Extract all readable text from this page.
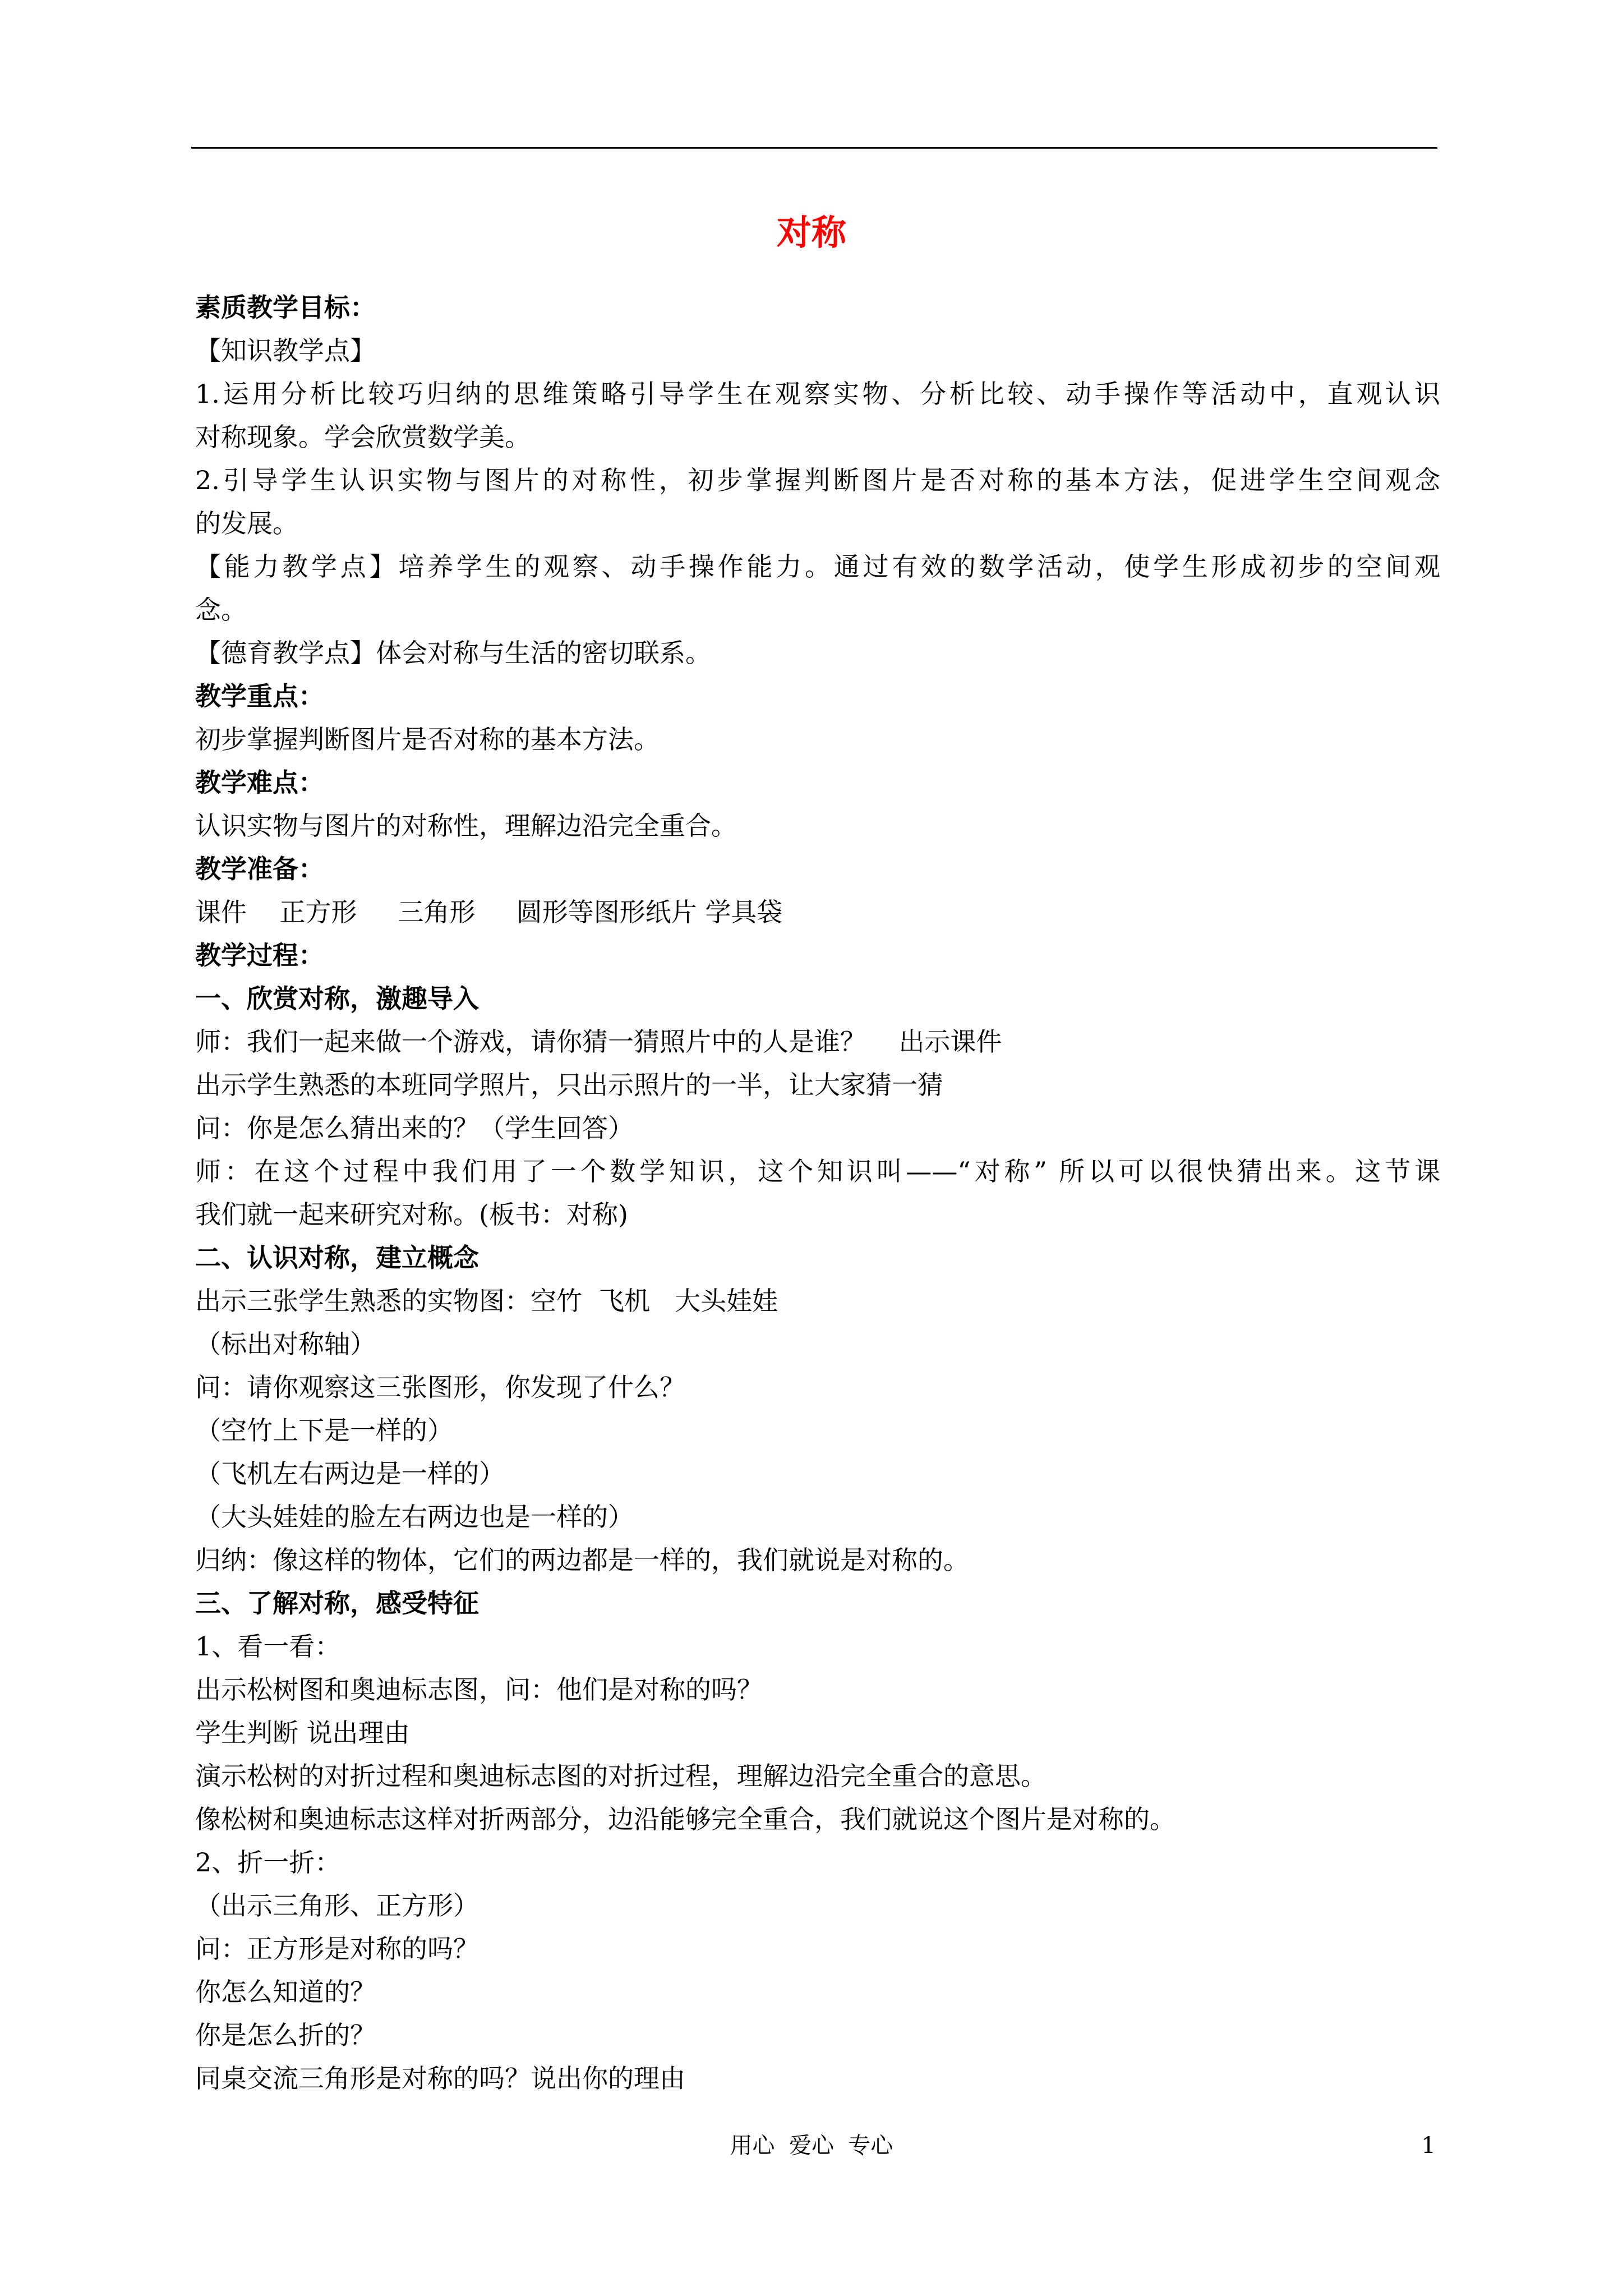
对称
素质教学目标：
【知识教学点】
1.运用分析比较巧归纳的思维策略引导学生在观察实物、分析比较、动手操作等活动中，直观认识
对称现象。学会欣赏数学美。
2.引导学生认识实物与图片的对称性，初步掌握判断图片是否对称的基本方法，促进学生空间观念
的发展。
【能力教学点】培养学生的观察、动手操作能力。通过有效的数学活动，使学生形成初步的空间观
念。
【德育教学点】体会对称与生活的密切联系。
教学重点：
初步掌握判断图片是否对称的基本方法。
教学难点：
认识实物与图片的对称性，理解边沿完全重合。
教学准备：
课件    正方形     三角形     圆形等图形纸片 学具袋
教学过程：
一、欣赏对称，激趣导入
师：我们一起来做一个游戏，请你猜一猜照片中的人是谁？    出示课件
出示学生熟悉的本班同学照片，只出示照片的一半，让大家猜一猜
问：你是怎么猜出来的？（学生回答）
师：在这个过程中我们用了一个数学知识，这个知识叫——“对称” 所以可以很快猜出来。这节课
我们就一起来研究对称。(板书：对称)
二、认识对称，建立概念
出示三张学生熟悉的实物图：空竹  飞机   大头娃娃
（标出对称轴）
问：请你观察这三张图形，你发现了什么？
（空竹上下是一样的）
（飞机左右两边是一样的）
（大头娃娃的脸左右两边也是一样的）
归纳：像这样的物体，它们的两边都是一样的，我们就说是对称的。
三、了解对称，感受特征
1、看一看：
出示松树图和奥迪标志图，问：他们是对称的吗？
学生判断 说出理由
演示松树的对折过程和奥迪标志图的对折过程，理解边沿完全重合的意思。
像松树和奥迪标志这样对折两部分，边沿能够完全重合，我们就说这个图片是对称的。
2、折一折：
（出示三角形、正方形）
问：正方形是对称的吗？
你怎么知道的？
你是怎么折的？
同桌交流三角形是对称的吗？说出你的理由
用心  爱心  专心	1
